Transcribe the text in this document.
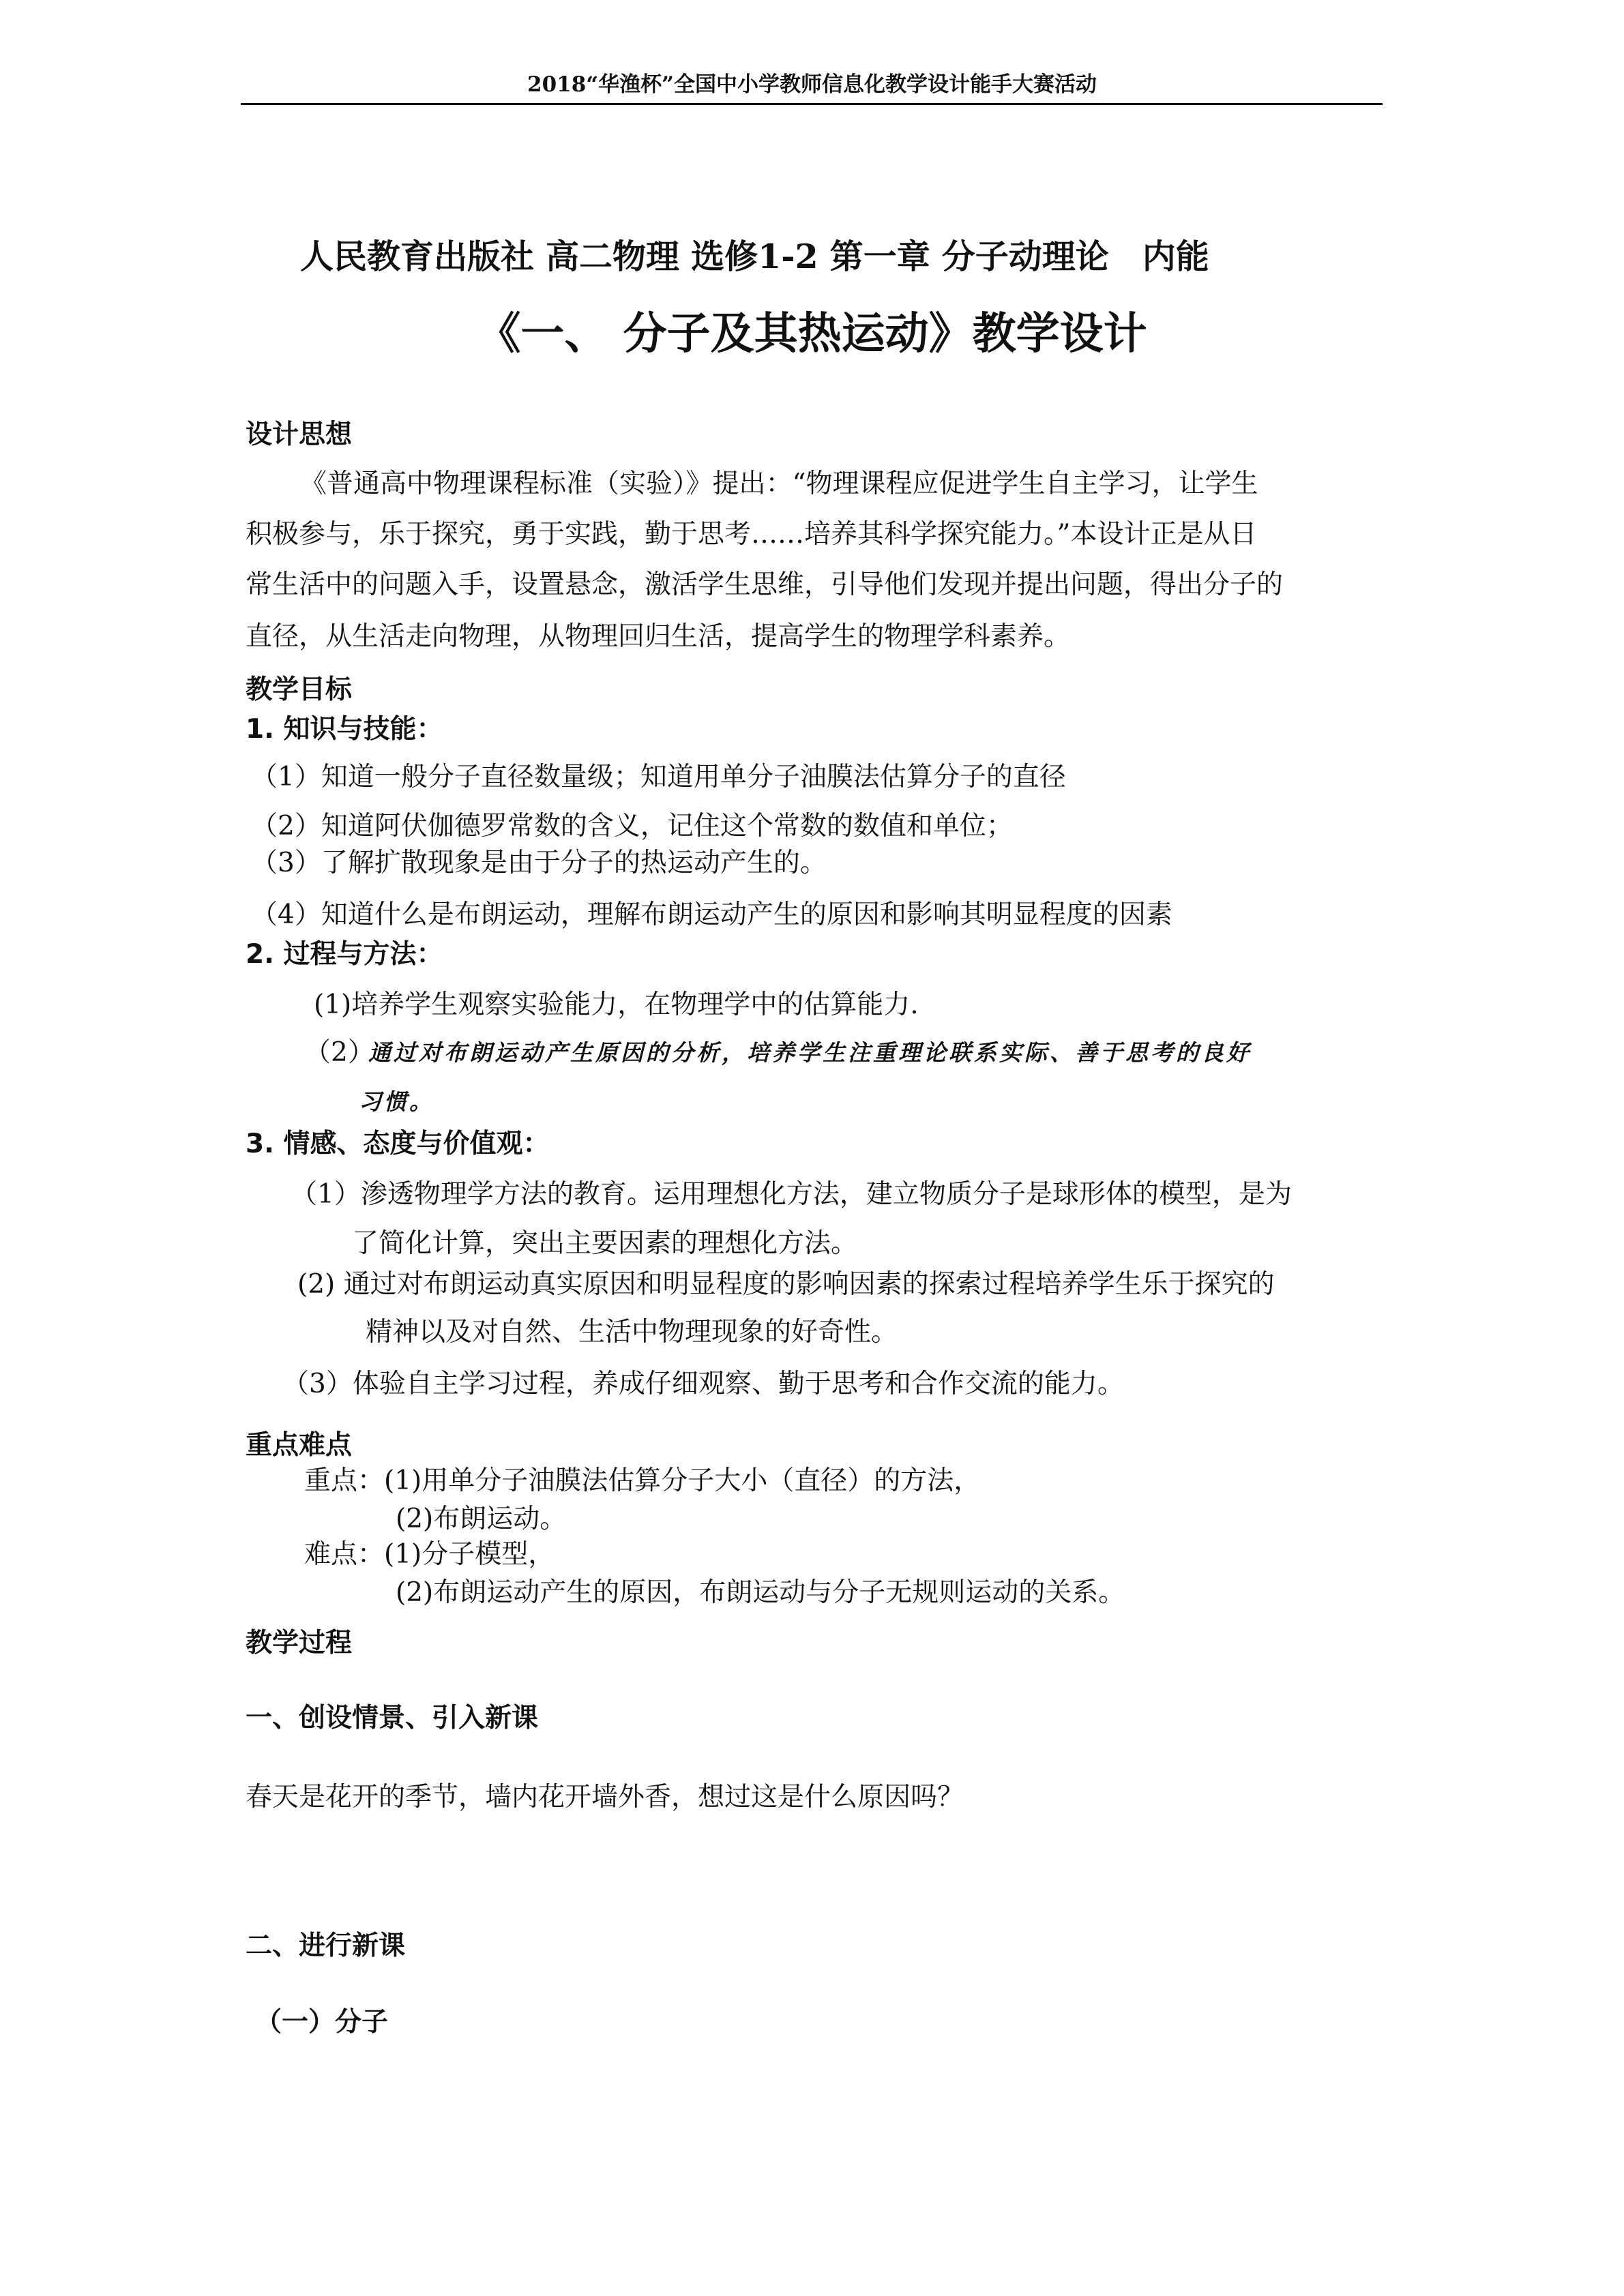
2018“华渔杯”全国中小学教师信息化教学设计能手大赛活动
人民教育出版社 高二物理 选修1-2 第一章 分子动理论　内能
《一、 分子及其热运动》教学设计
设计思想
《普通高中物理课程标准（实验）》提出：“物理课程应促进学生自主学习，让学生
积极参与，乐于探究，勇于实践，勤于思考……培养其科学探究能力。”本设计正是从日
常生活中的问题入手，设置悬念，激活学生思维，引导他们发现并提出问题，得出分子的
直径，从生活走向物理，从物理回归生活，提高学生的物理学科素养。
教学目标
1. 知识与技能：
（1）知道一般分子直径数量级；知道用单分子油膜法估算分子的直径
（2）知道阿伏伽德罗常数的含义，记住这个常数的数值和单位；
（3）了解扩散现象是由于分子的热运动产生的。
（4）知道什么是布朗运动，理解布朗运动产生的原因和影响其明显程度的因素
2. 过程与方法：
(1)培养学生观察实验能力，在物理学中的估算能力.
（2）
通过对布朗运动产生原因的分析，培养学生注重理论联系实际、善于思考的良好
习惯。
3. 情感、态度与价值观：
（1）渗透物理学方法的教育。运用理想化方法，建立物质分子是球形体的模型，是为
了简化计算，突出主要因素的理想化方法。
(2) 通过对布朗运动真实原因和明显程度的影响因素的探索过程培养学生乐于探究的
精神以及对自然、生活中物理现象的好奇性。
（3）体验自主学习过程，养成仔细观察、勤于思考和合作交流的能力。
重点难点
重点：(1)用单分子油膜法估算分子大小（直径）的方法，
(2)布朗运动。
难点：(1)分子模型，
(2)布朗运动产生的原因，布朗运动与分子无规则运动的关系。
教学过程
一、创设情景、引入新课
春天是花开的季节，墙内花开墙外香，想过这是什么原因吗？
二、进行新课
（一）分子
